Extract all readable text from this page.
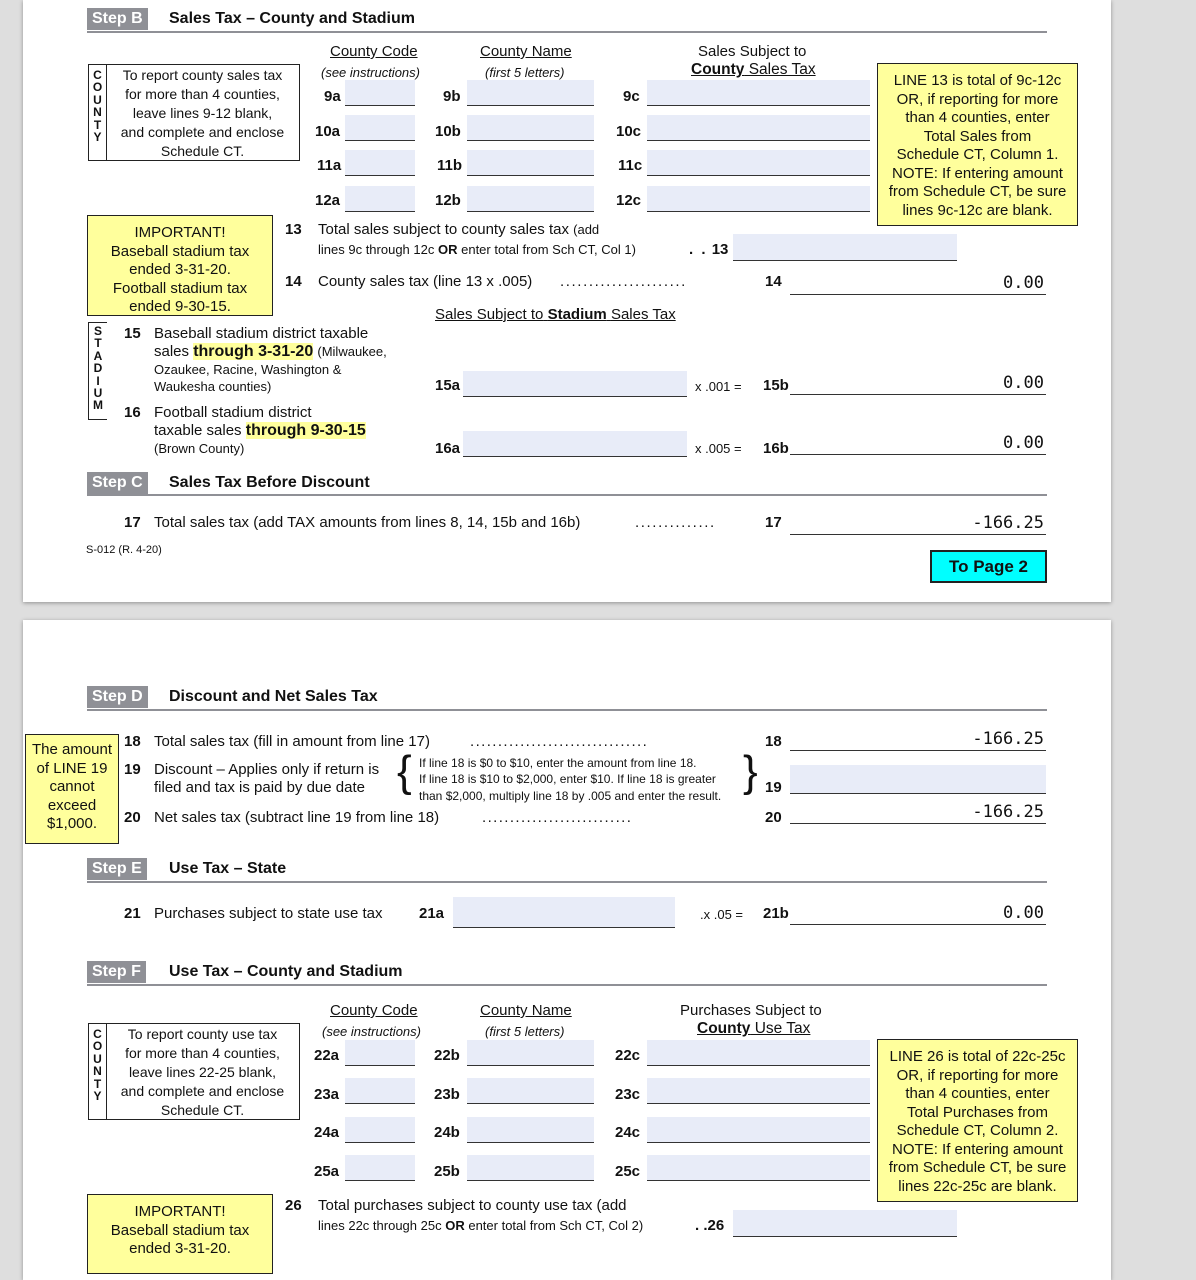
Step B	Sales Tax – County and Stadium
County Code
(see instructions)
County Name
(first 5 letters)
Sales Subject to
County Sales Tax
C
O
U
N
T
Y
To report county sales tax
for more than 4 counties,
leave lines 9-12 blank,
and complete and enclose
Schedule CT.
9a	9b	9c
10a	10b	10c
11a	11b	11c
12a	12b	12c
LINE 13 is total of 9c-12c
OR, if reporting for more
than 4 counties, enter
Total Sales from
Schedule CT, Column 1.
NOTE: If entering amount
from Schedule CT, be sure
lines 9c-12c are blank.
IMPORTANT!
Baseball stadium tax
ended 3-31-20.
Football stadium tax
ended 9-30-15.
13 Total sales subject to county sales tax (add
lines 9c through 12c OR enter total from Sch CT, Col 1)	. . 13
14 County sales tax (line 13 x .005) ......................	14	0.00
Sales Subject to Stadium Sales Tax
S
T
A
D
I
U
M
15 Baseball stadium district taxable
sales through 3-31-20 (Milwaukee,
Ozaukee, Racine, Washington &
Waukesha counties)	15a	x .001 = 15b	0.00
16 Football stadium district
taxable sales through 9-30-15
(Brown County)	16a	x .005 = 16b	0.00
Step C	Sales Tax Before Discount
17 Total sales tax (add TAX amounts from lines 8, 14, 15b and 16b)	..............	17	-166.25
S-012 (R. 4-20)
To Page 2
Step D	Discount and Net Sales Tax
The amount
of LINE 19
cannot
exceed
$1,000.
18 Total sales tax (fill in amount from line 17)	................................	18	-166.25
19 Discount – Applies only if return is
filed and tax is paid by due date { If line 18 is $0 to $10, enter the amount from line 18.
If line 18 is $10 to $2,000, enter $10. If line 18 is greater
than $2,000, multiply line 18 by .005 and enter the result. } 19
20 Net sales tax (subtract line 19 from line 18)	...........................	20	-166.25
Step E	Use Tax – State
21 Purchases subject to state use tax 21a	.x .05 = 21b	0.00
Step F	Use Tax – County and Stadium
County Code
(see instructions)
County Name
(first 5 letters)
Purchases Subject to
County Use Tax
C
O
U
N
T
Y
To report county use tax
for more than 4 counties,
leave lines 22-25 blank,
and complete and enclose
Schedule CT.
22a	22b	22c
23a	23b	23c
24a	24b	24c
25a	25b	25c
LINE 26 is total of 22c-25c
OR, if reporting for more
than 4 counties, enter
Total Purchases from
Schedule CT, Column 2.
NOTE: If entering amount
from Schedule CT, be sure
lines 22c-25c are blank.
IMPORTANT!
Baseball stadium tax
ended 3-31-20.
26 Total purchases subject to county use tax (add
lines 22c through 25c OR enter total from Sch CT, Col 2)	. .26
